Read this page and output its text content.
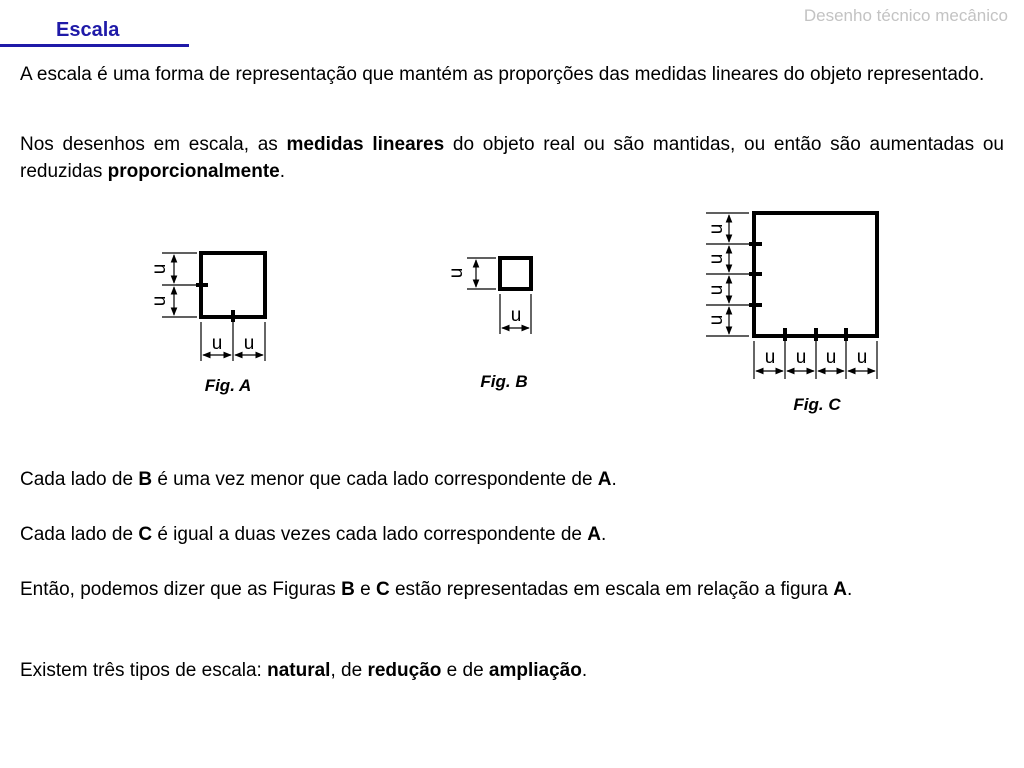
Desenho técnico mecânico
Escala

A escala é uma forma de representação que mantém as proporções das medidas lineares do objeto representado.

Nos desenhos em escala, as medidas lineares do objeto real ou são mantidas, ou então são aumentadas ou reduzidas proporcionalmente.

u
u
u u
Fig. A
u
u
Fig. B
u
u
u
u
u u u u
Fig. C

Cada lado de B é uma vez menor que cada lado correspondente de A.

Cada lado de C é igual a duas vezes cada lado correspondente de A.

Então, podemos dizer que as Figuras B e C estão representadas em escala em relação a figura A.

Existem três tipos de escala: natural, de redução e de ampliação.
